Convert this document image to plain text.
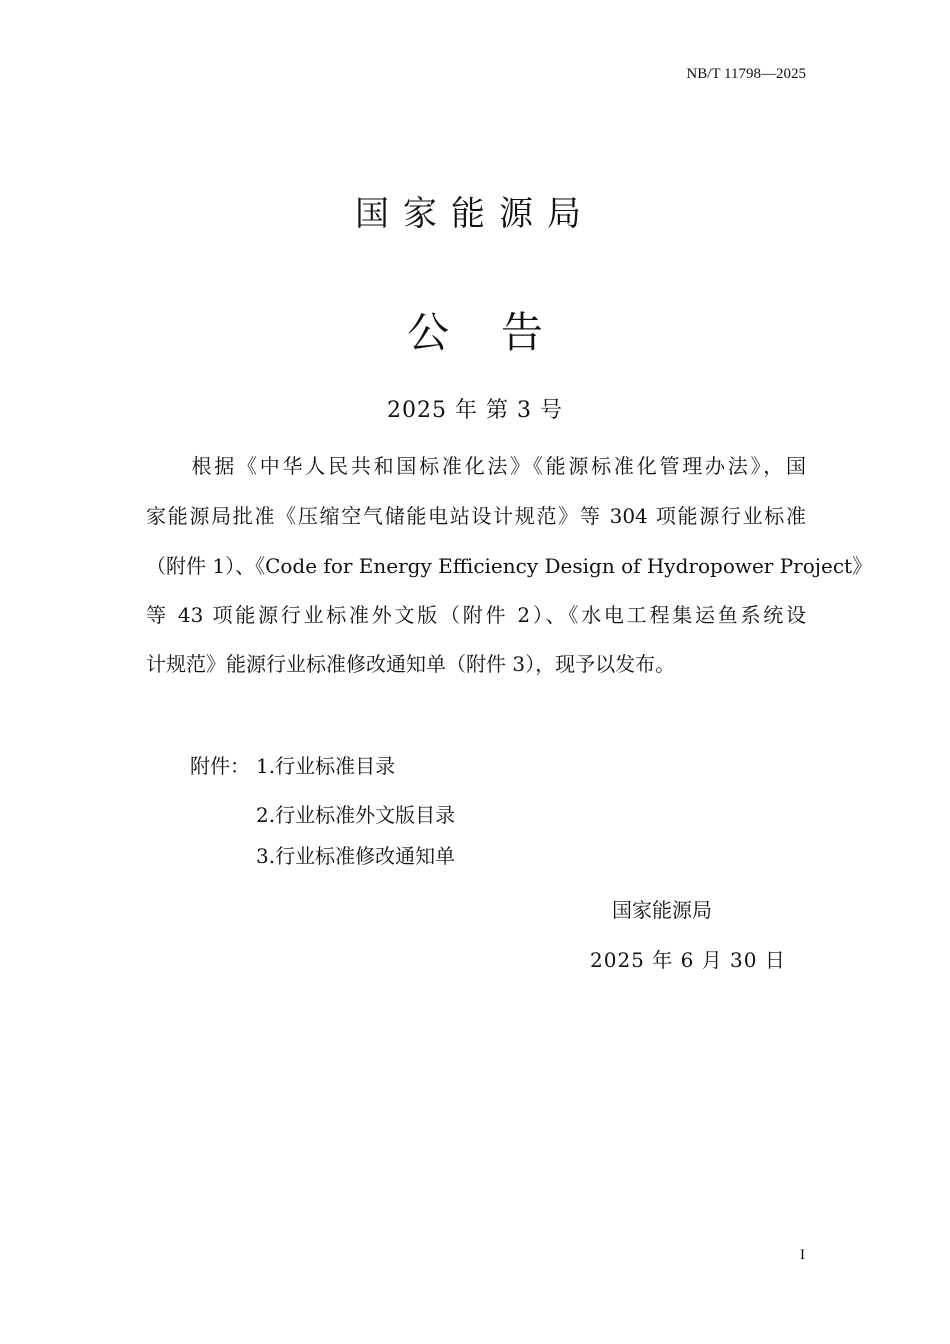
NB/T 11798—2025
国家能源局
公告
2025 年 第 3 号
　　根据《中华人民共和国标准化法》《能源标准化管理办法》，国
家能源局批准《压缩空气储能电站设计规范》等 304 项能源行业标准
（附件 1）、《Code for Energy Efficiency Design of Hydropower Project》
等 43 项能源行业标准外文版（附件 2）、《水电工程集运鱼系统设
计规范》能源行业标准修改通知单（附件 3），现予以发布。
附件： 1.行业标准目录
2.行业标准外文版目录
3.行业标准修改通知单
国家能源局
2025 年 6 月 30 日
I
